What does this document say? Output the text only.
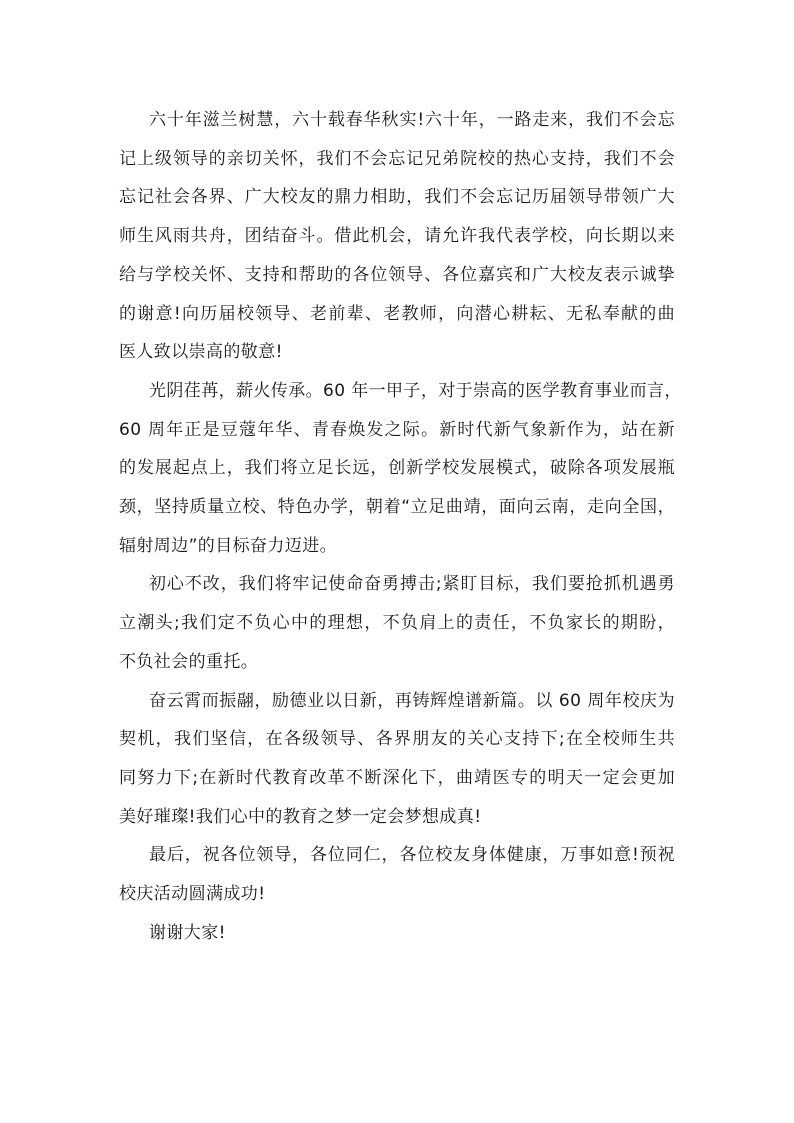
六十年滋兰树慧，六十载春华秋实!六十年，一路走来，我们不会忘
记上级领导的亲切关怀，我们不会忘记兄弟院校的热心支持，我们不会
忘记社会各界、广大校友的鼎力相助，我们不会忘记历届领导带领广大
师生风雨共舟，团结奋斗。借此机会，请允许我代表学校，向长期以来
给与学校关怀、支持和帮助的各位领导、各位嘉宾和广大校友表示诚挚
的谢意!向历届校领导、老前辈、老教师，向潜心耕耘、无私奉献的曲
医人致以崇高的敬意!

光阴荏苒，薪火传承。60 年一甲子，对于崇高的医学教育事业而言，
60 周年正是豆蔻年华、青春焕发之际。新时代新气象新作为，站在新
的发展起点上，我们将立足长远，创新学校发展模式，破除各项发展瓶
颈，坚持质量立校、特色办学，朝着“立足曲靖，面向云南，走向全国，
辐射周边”的目标奋力迈进。

初心不改，我们将牢记使命奋勇搏击;紧盯目标，我们要抢抓机遇勇
立潮头;我们定不负心中的理想，不负肩上的责任，不负家长的期盼，
不负社会的重托。

奋云霄而振翮，励德业以日新，再铸辉煌谱新篇。以 60 周年校庆为
契机，我们坚信，在各级领导、各界朋友的关心支持下;在全校师生共
同努力下;在新时代教育改革不断深化下，曲靖医专的明天一定会更加
美好璀璨!我们心中的教育之梦一定会梦想成真!

最后，祝各位领导，各位同仁，各位校友身体健康，万事如意!预祝
校庆活动圆满成功!

谢谢大家!
